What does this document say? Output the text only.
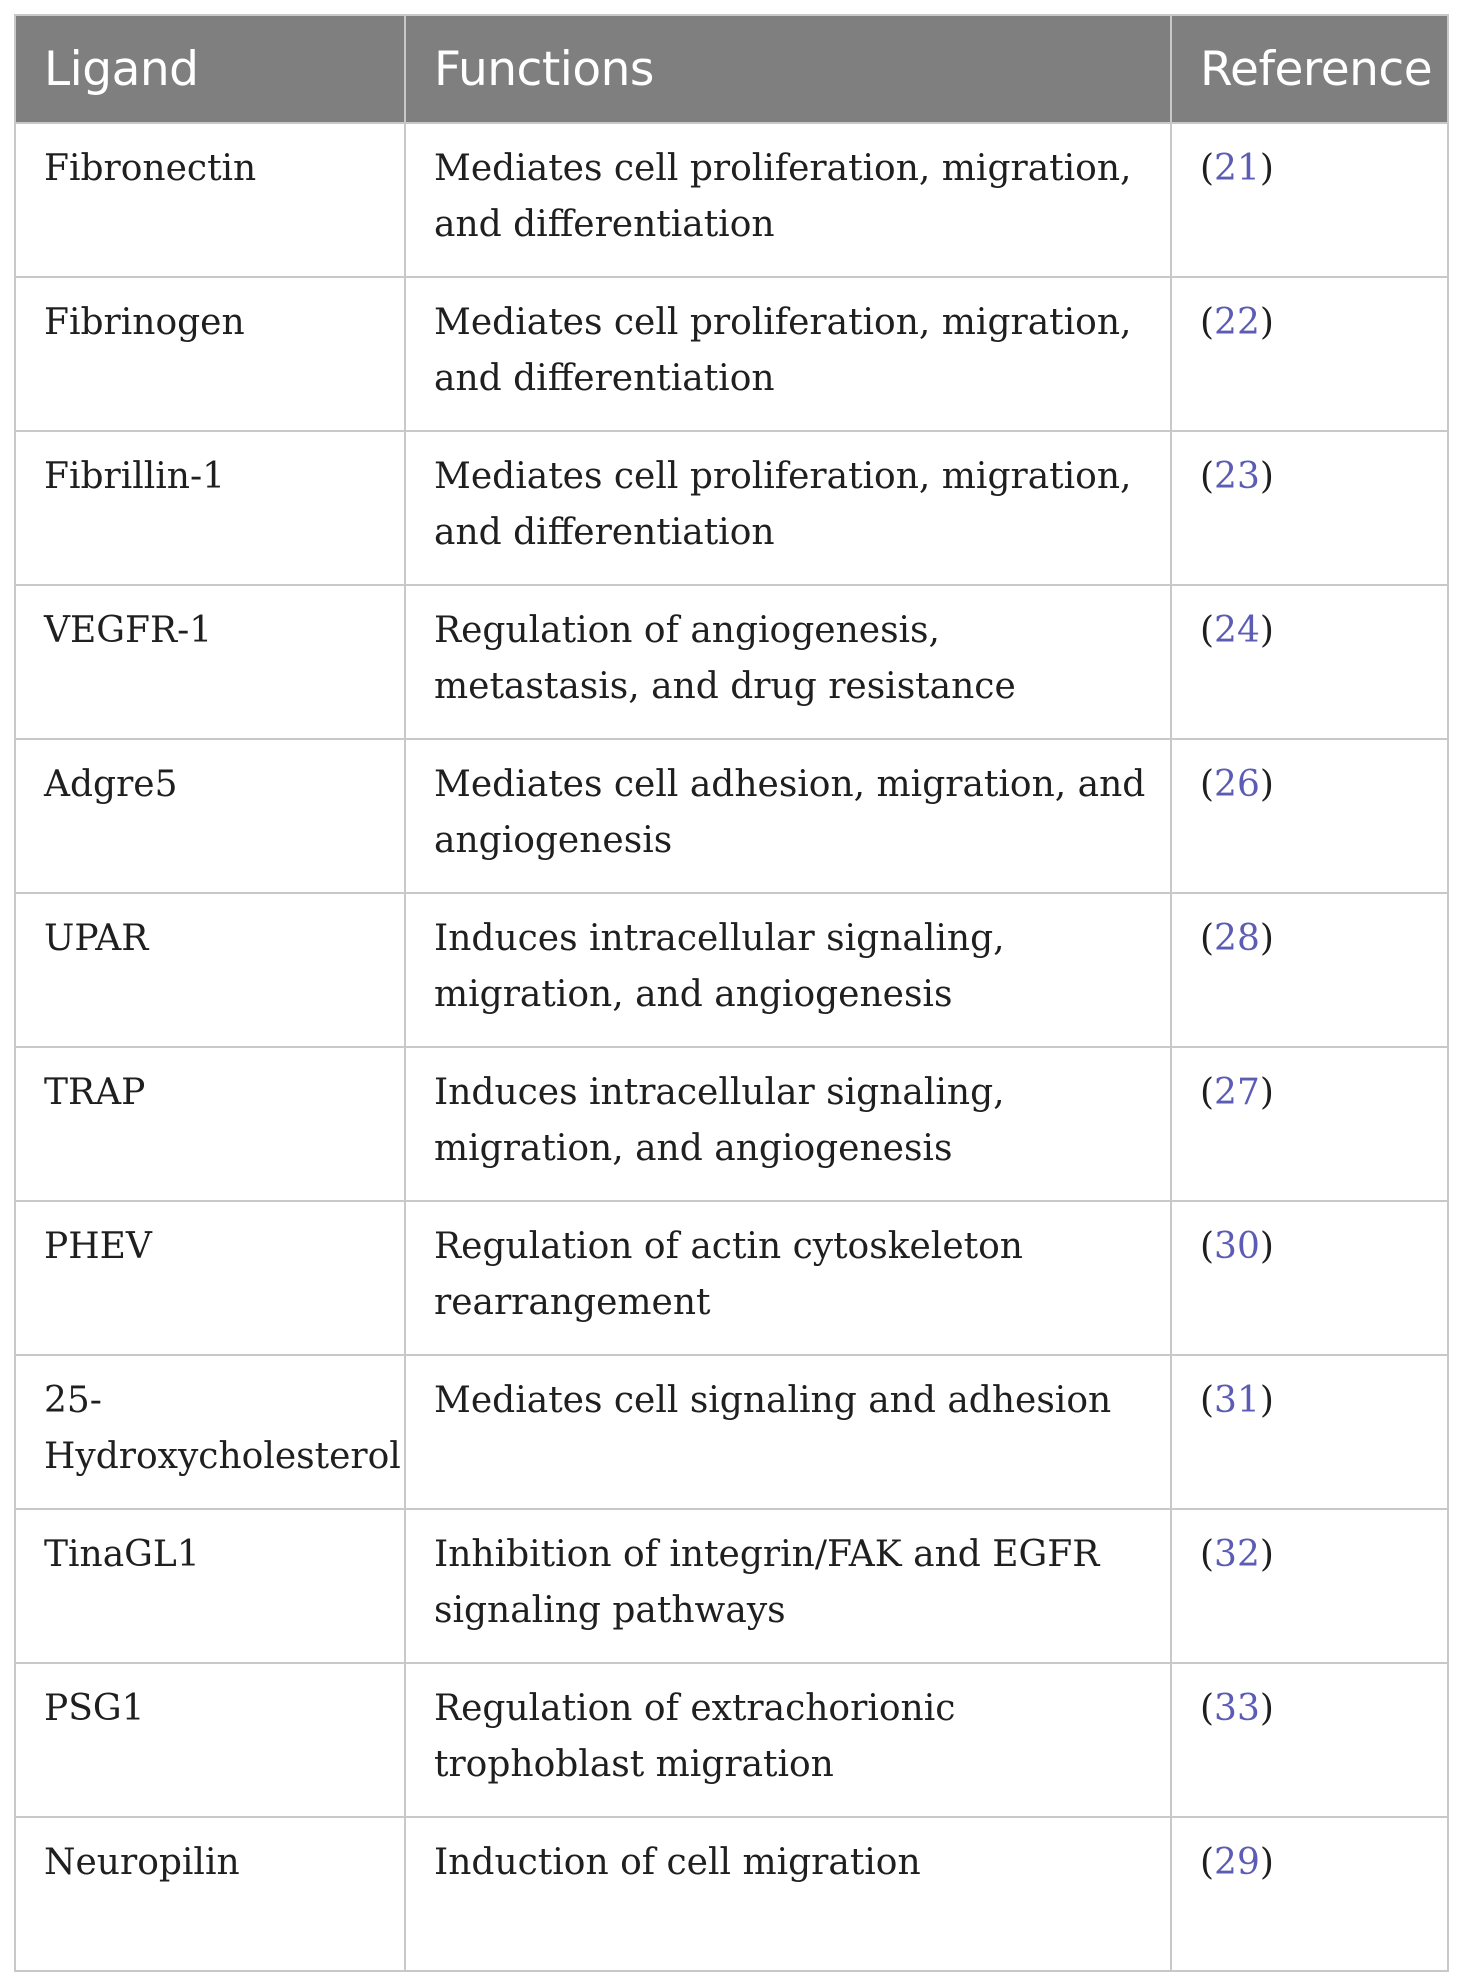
Ligand	Functions	Reference
Fibronectin	Mediates cell proliferation, migration, and differentiation	(21)
Fibrinogen	Mediates cell proliferation, migration, and differentiation	(22)
Fibrillin-1	Mediates cell proliferation, migration, and differentiation	(23)
VEGFR-1	Regulation of angiogenesis, metastasis, and drug resistance	(24)
Adgre5	Mediates cell adhesion, migration, and angiogenesis	(26)
UPAR	Induces intracellular signaling, migration, and angiogenesis	(28)
TRAP	Induces intracellular signaling, migration, and angiogenesis	(27)
PHEV	Regulation of actin cytoskeleton rearrangement	(30)
25-Hydroxycholesterol	Mediates cell signaling and adhesion	(31)
TinaGL1	Inhibition of integrin/FAK and EGFR signaling pathways	(32)
PSG1	Regulation of extrachorionic trophoblast migration	(33)
Neuropilin	Induction of cell migration	(29)
